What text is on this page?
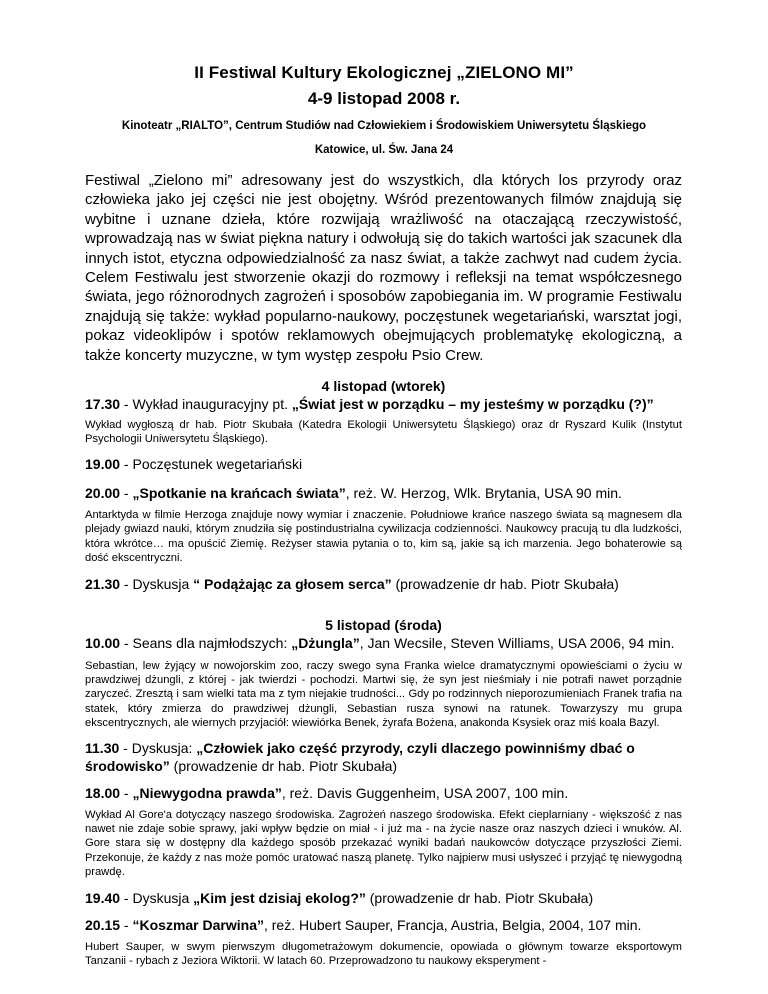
II Festiwal Kultury Ekologicznej „ZIELONO MI”
4-9 listopad 2008 r.
Kinoteatr „RIALTO”, Centrum Studiów nad Człowiekiem i Środowiskiem Uniwersytetu Śląskiego
Katowice, ul. Św. Jana 24

Festiwal „Zielono mi” adresowany jest do wszystkich, dla których los przyrody oraz człowieka jako jej części nie jest obojętny. Wśród prezentowanych filmów znajdują się wybitne i uznane dzieła, które rozwijają wrażliwość na otaczającą rzeczywistość, wprowadzają nas w świat piękna natury i odwołują się do takich wartości jak szacunek dla innych istot, etyczna odpowiedzialność za nasz świat, a także zachwyt nad cudem życia. Celem Festiwalu jest stworzenie okazji do rozmowy i refleksji na temat współczesnego świata, jego różnorodnych zagrożeń i sposobów zapobiegania im. W programie Festiwalu znajdują się także: wykład popularno-naukowy, poczęstunek wegetariański, warsztat jogi, pokaz videoklipów i spotów reklamowych obejmujących problematykę ekologiczną, a także koncerty muzyczne, w tym występ zespołu Psio Crew.

4 listopad (wtorek)

17.30 - Wykład inauguracyjny pt. „Świat jest w porządku – my jesteśmy w porządku (?)”

Wykład wygłoszą dr hab. Piotr Skubała (Katedra Ekologii Uniwersytetu Śląskiego) oraz dr Ryszard Kulik (Instytut Psychologii Uniwersytetu Śląskiego).

19.00 - Poczęstunek wegetariański

20.00 - „Spotkanie na krańcach świata”, reż. W. Herzog, Wlk. Brytania, USA 90 min.

Antarktyda w filmie Herzoga znajduje nowy wymiar i znaczenie. Południowe krańce naszego świata są magnesem dla plejady gwiazd nauki, którym znudziła się postindustrialna cywilizacja codzienności. Naukowcy pracują tu dla ludzkości, która wkrótce… ma opuścić Ziemię. Reżyser stawia pytania o to, kim są, jakie są ich marzenia. Jego bohaterowie są dość ekscentryczni.

21.30 - Dyskusja “ Podążając za głosem serca” (prowadzenie dr hab. Piotr Skubała)

5 listopad (środa)

10.00 - Seans dla najmłodszych: „Dżungla”, Jan Wecsile, Steven Williams, USA 2006, 94 min.

Sebastian, lew żyjący w nowojorskim zoo, raczy swego syna Franka wielce dramatycznymi opowieściami o życiu w prawdziwej dżungli, z której - jak twierdzi - pochodzi. Martwi się, że syn jest nieśmiały i nie potrafi nawet porządnie zaryczeć. Zresztą i sam wielki tata ma z tym niejakie trudności... Gdy po rodzinnych nieporozumieniach Franek trafia na statek, który zmierza do prawdziwej dżungli, Sebastian rusza synowi na ratunek. Towarzyszy mu grupa ekscentrycznych, ale wiernych przyjaciół: wiewiórka Benek, żyrafa Bożena, anakonda Ksysiek oraz miś koala Bazyl.

11.30 - Dyskusja: „Człowiek jako część przyrody, czyli dlaczego powinniśmy dbać o środowisko” (prowadzenie dr hab. Piotr Skubała)

18.00 - „Niewygodna prawda”, reż. Davis Guggenheim, USA 2007, 100 min.

Wykład Al Gore'a dotyczący naszego środowiska. Zagrożeń naszego środowiska. Efekt cieplarniany - większość z nas nawet nie zdaje sobie sprawy, jaki wpływ będzie on miał - i już ma - na życie nasze oraz naszych dzieci i wnuków. Al. Gore stara się w dostępny dla każdego sposób przekazać wyniki badań naukowców dotyczące przyszłości Ziemi. Przekonuje, że każdy z nas może pomóc uratować naszą planetę. Tylko najpierw musi usłyszeć i przyjąć tę niewygodną prawdę.

19.40 - Dyskusja „Kim jest dzisiaj ekolog?” (prowadzenie dr hab. Piotr Skubała)

20.15 - “Koszmar Darwina”, reż. Hubert Sauper, Francja, Austria, Belgia, 2004, 107 min.

Hubert Sauper, w swym pierwszym długometrażowym dokumencie, opowiada o głównym towarze eksportowym Tanzanii - rybach z Jeziora Wiktorii. W latach 60. Przeprowadzono tu naukowy eksperyment -
